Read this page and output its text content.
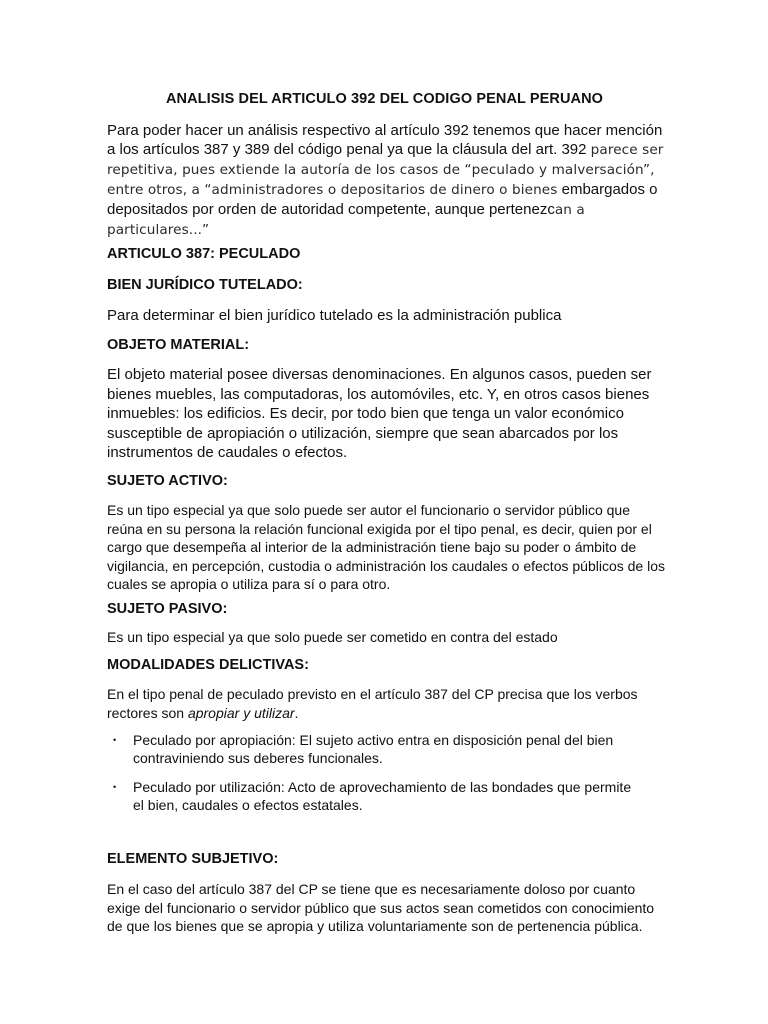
ANALISIS DEL ARTICULO 392 DEL CODIGO PENAL PERUANO

Para poder hacer un análisis respectivo al artículo 392 tenemos que hacer mención a los artículos 387 y 389 del código penal ya que la cláusula del art. 392 parece ser repetitiva, pues extiende la autoría de los casos de “peculado y malversación”, entre otros, a “administradores o depositarios de dinero o bienes embargados o depositados por orden de autoridad competente, aunque pertenezcan a particulares...”

ARTICULO 387: PECULADO
BIEN JURÍDICO TUTELADO:

Para determinar el bien jurídico tutelado es la administración publica

OBJETO MATERIAL:

El objeto material posee diversas denominaciones. En algunos casos, pueden ser bienes muebles, las computadoras, los automóviles, etc. Y, en otros casos bienes inmuebles: los edificios. Es decir, por todo bien que tenga un valor económico susceptible de apropiación o utilización, siempre que sean abarcados por los instrumentos de caudales o efectos.

SUJETO ACTIVO:

Es un tipo especial ya que solo puede ser autor el funcionario o servidor público que reúna en su persona la relación funcional exigida por el tipo penal, es decir, quien por el cargo que desempeña al interior de la administración tiene bajo su poder o ámbito de vigilancia, en percepción, custodia o administración los caudales o efectos públicos de los cuales se apropia o utiliza para sí o para otro.

SUJETO PASIVO:

Es un tipo especial ya que solo puede ser cometido en contra del estado

MODALIDADES DELICTIVAS:

En el tipo penal de peculado previsto en el artículo 387 del CP precisa que los verbos rectores son apropiar y utilizar.

• Peculado por apropiación: El sujeto activo entra en disposición penal del bien contraviniendo sus deberes funcionales.
• Peculado por utilización: Acto de aprovechamiento de las bondades que permite el bien, caudales o efectos estatales.
ELEMENTO SUBJETIVO:

En el caso del artículo 387 del CP se tiene que es necesariamente doloso por cuanto exige del funcionario o servidor público que sus actos sean cometidos con conocimiento de que los bienes que se apropia y utiliza voluntariamente son de pertenencia pública.
